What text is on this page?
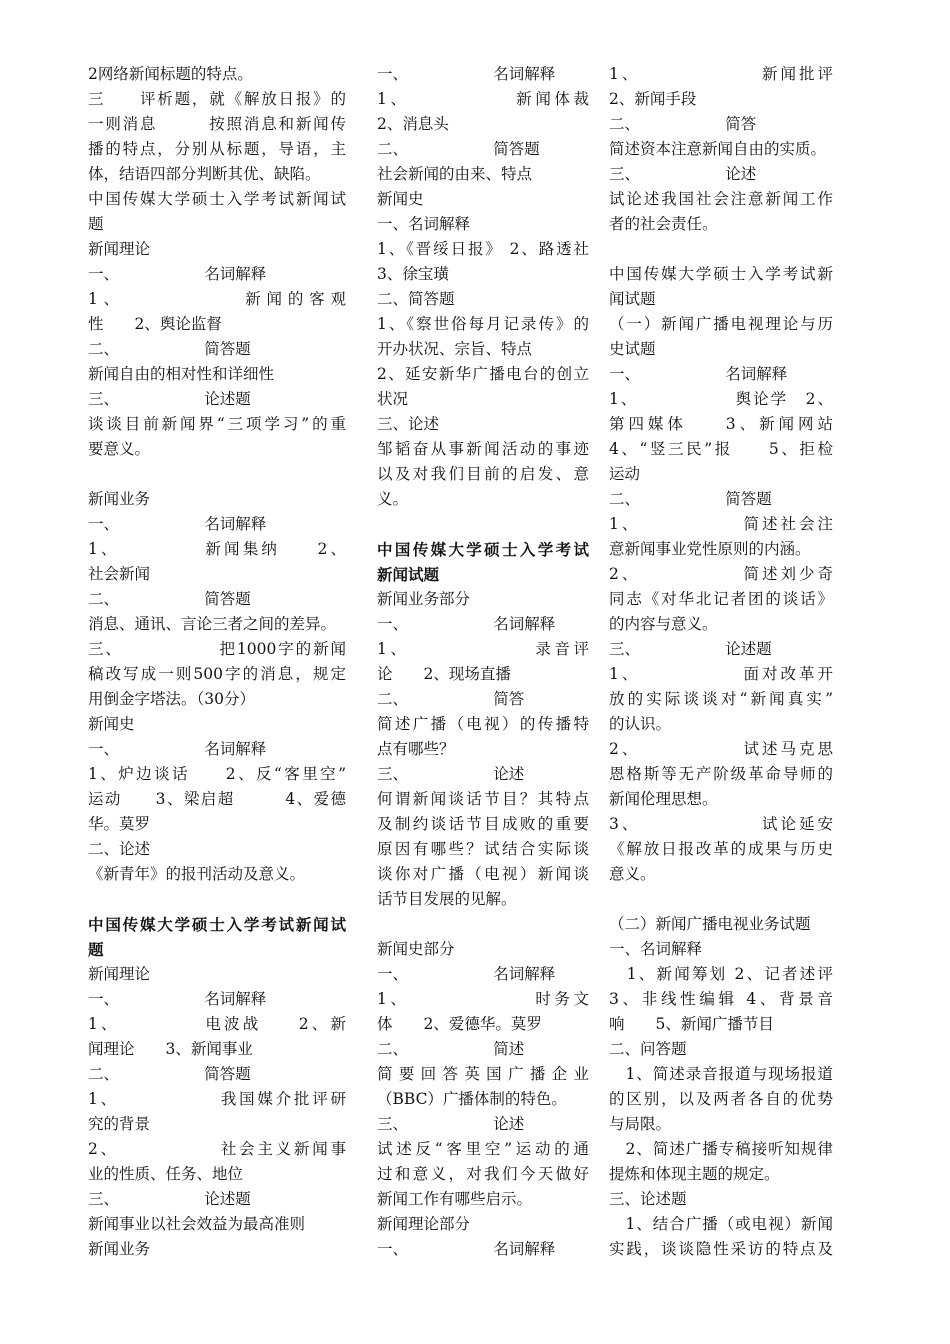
2网络新闻标题的特点。

三　　评析题，就《解放日报》的

一则消息　　　按照消息和新闻传

播的特点，分别从标题，导语，主

体，结语四部分判断其优、缺陷。

中国传媒大学硕士入学考试新闻试

题

新闻理论

一、　　　　　　名词解释

1、　　　　　　新闻的客观

性　　2、舆论监督

二、　　　　　　简答题

新闻自由的相对性和详细性

三、　　　　　　论述题

谈谈目前新闻界“三项学习”的重

要意义。

新闻业务

一、　　　　　　名词解释

1、　　　　　新闻集纳　　2、

社会新闻

二、　　　　　　简答题

消息、通讯、言论三者之间的差异。

三、　　　　　　把1000字的新闻

稿改写成一则500字的消息，规定

用倒金字塔法。（30分）

新闻史

一、　　　　　　名词解释

1、炉边谈话　　2、反“客里空”

运动　　3、梁启超　　　4、爱德

华。莫罗

二、论述

《新青年》的报刊活动及意义。

中国传媒大学硕士入学考试新闻试

题

新闻理论

一、　　　　　　名词解释

1、　　　　　电波战　　2、新

闻理论　　3、新闻事业

二、　　　　　　简答题

1、　　　　　　我国媒介批评研

究的背景

2、　　　　　　社会主义新闻事

业的性质、任务、地位

三、　　　　　　论述题

新闻事业以社会效益为最高准则

新闻业务

一、　　　　　　名词解释

1、　　　　　　新闻体裁

2、消息头

二、　　　　　　简答题

社会新闻的由来、特点

新闻史

一、名词解释

1、《晋绥日报》 2、路透社

3、徐宝璜

二、简答题

1、《察世俗每月记录传》的

开办状况、宗旨、特点

2、延安新华广播电台的创立

状况

三、论述

邹韬奋从事新闻活动的事迹

以及对我们目前的启发、意

义。

中国传媒大学硕士入学考试

新闻试题

新闻业务部分

一、　　　　　　名词解释

1、　　　　　　　录音评

论　　2、现场直播

二、　　　　　　简答

简述广播（电视）的传播特

点有哪些？

三、　　　　　　论述

何谓新闻谈话节目？其特点

及制约谈话节目成败的重要

原因有哪些？试结合实际谈

谈你对广播（电视）新闻谈

话节目发展的见解。

新闻史部分

一、　　　　　　名词解释

1、　　　　　　　时务文

体　　2、爱德华。莫罗

二、　　　　　　简述

简要回答英国广播企业

（BBC）广播体制的特色。

三、　　　　　　论述

试述反“客里空”运动的通

过和意义，对我们今天做好

新闻工作有哪些启示。

新闻理论部分

一、　　　　　　名词解释

1、　　　　　　　新闻批评

2、新闻手段

二、　　　　　　简答

简述资本注意新闻自由的实质。

三、　　　　　　论述

试论述我国社会注意新闻工作

者的社会责任。

中国传媒大学硕士入学考试新

闻试题

（一）新闻广播电视理论与历

史试题

一、　　　　　　名词解释

1、　　　　　　舆论学　2、

第四媒体　　3、新闻网站

4、“竖三民”报　　5、拒检

运动

二、　　　　　　简答题

1、　　　　　　简述社会注

意新闻事业党性原则的内涵。

2、　　　　　　简述刘少奇

同志《对华北记者团的谈话》

的内容与意义。

三、　　　　　　论述题

1、　　　　　　面对改革开

放的实际谈谈对“新闻真实”

的认识。

2、　　　　　　试述马克思

恩格斯等无产阶级革命导师的

新闻伦理思想。

3、　　　　　　　试论延安

《解放日报改革的成果与历史

意义。

（二）新闻广播电视业务试题

一、名词解释

　1、新闻筹划 2、记者述评

3、非线性编辑 4、背景音

响　　5、新闻广播节目

二、问答题

　1、简述录音报道与现场报道

的区别，以及两者各自的优势

与局限。

　2、简述广播专稿接听知规律

提炼和体现主题的规定。

三、论述题

　1、结合广播（或电视）新闻

实践，谈谈隐性采访的特点及
